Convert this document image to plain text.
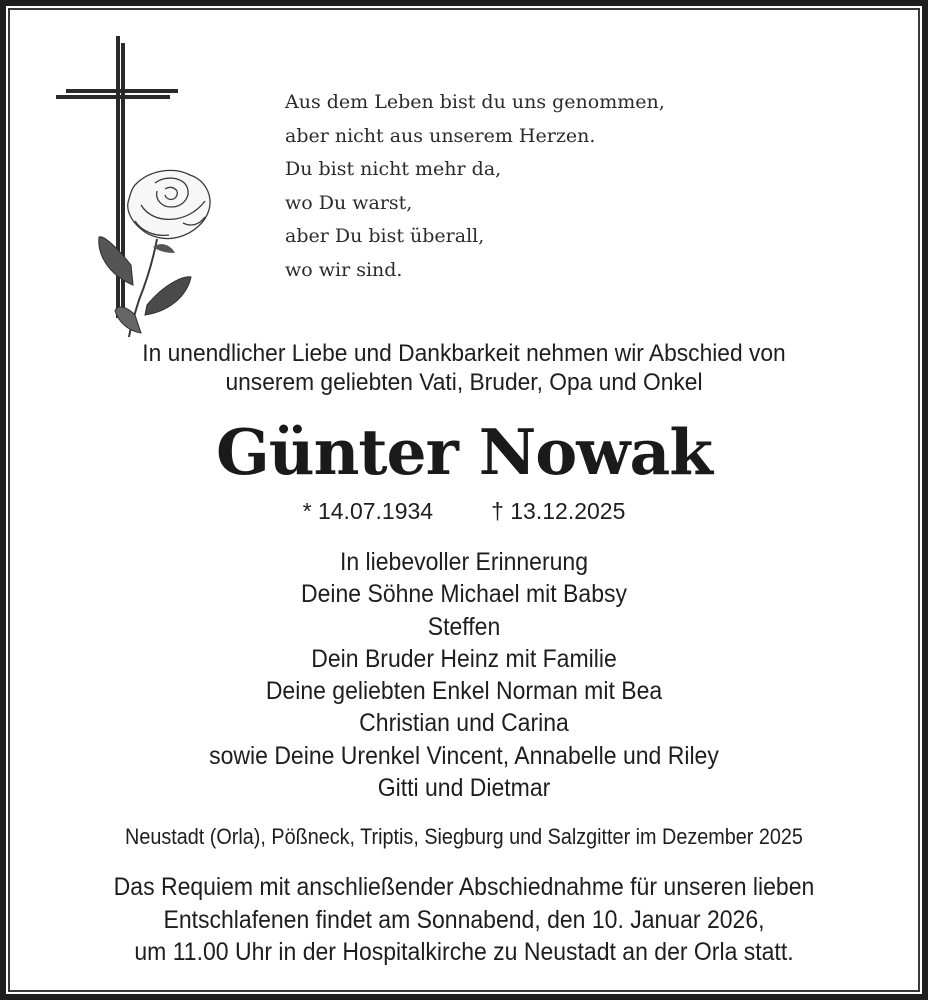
Aus dem Leben bist du uns genommen,
aber nicht aus unserem Herzen.
Du bist nicht mehr da,
wo Du warst,
aber Du bist überall,
wo wir sind.
In unendlicher Liebe und Dankbarkeit nehmen wir Abschied von
unserem geliebten Vati, Bruder, Opa und Onkel
Günter Nowak
* 14.07.1934	† 13.12.2025
In liebevoller Erinnerung
Deine Söhne Michael mit Babsy
Steffen
Dein Bruder Heinz mit Familie
Deine geliebten Enkel Norman mit Bea
Christian und Carina
sowie Deine Urenkel Vincent, Annabelle und Riley
Gitti und Dietmar
Neustadt (Orla), Pößneck, Triptis, Siegburg und Salzgitter im Dezember 2025
Das Requiem mit anschließender Abschiednahme für unseren lieben
Entschlafenen findet am Sonnabend, den 10. Januar 2026,
um 11.00 Uhr in der Hospitalkirche zu Neustadt an der Orla statt.
